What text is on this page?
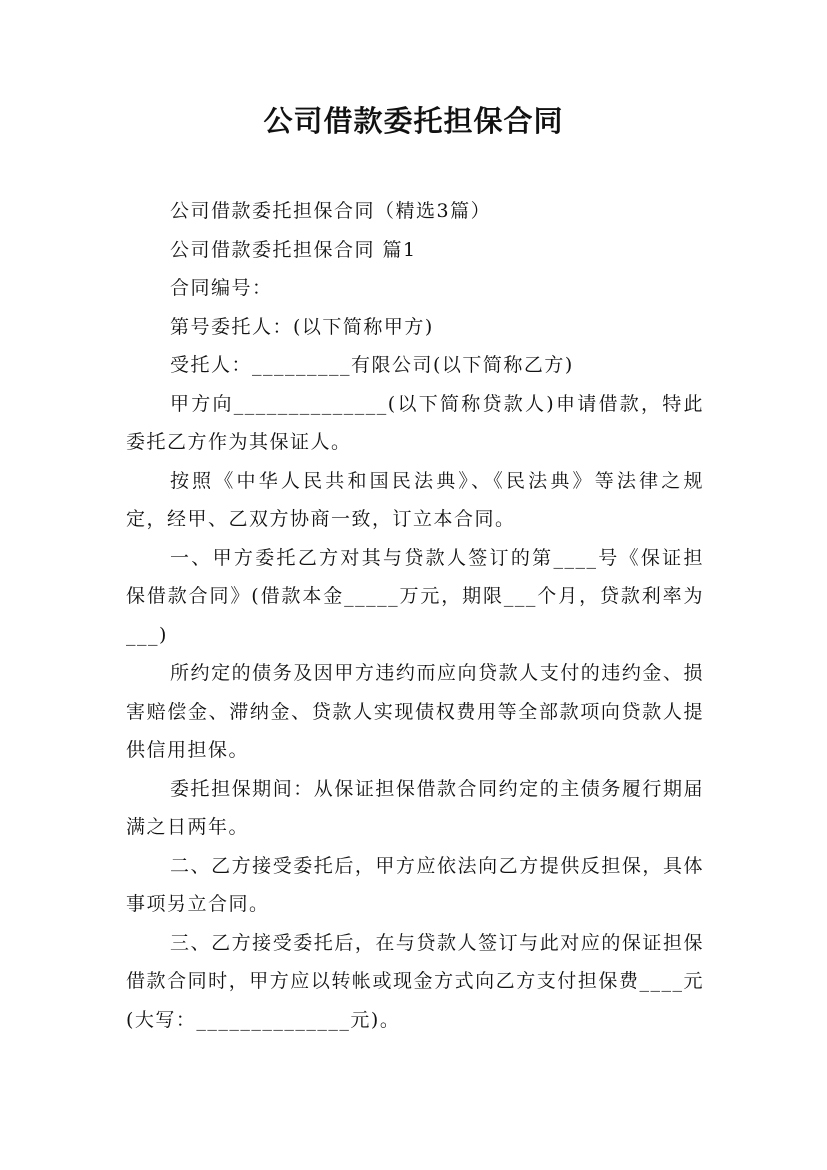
公司借款委托担保合同

公司借款委托担保合同（精选3篇）

公司借款委托担保合同 篇1

合同编号：

第号委托人：(以下简称甲方)

受托人：_________有限公司(以下简称乙方)

甲方向______________(以下简称贷款人)申请借款，特此委托乙方作为其保证人。

按照《中华人民共和国民法典》、《民法典》等法律之规定，经甲、乙双方协商一致，订立本合同。

一、甲方委托乙方对其与贷款人签订的第____号《保证担保借款合同》(借款本金_____万元，期限___个月，贷款利率为___)

所约定的债务及因甲方违约而应向贷款人支付的违约金、损害赔偿金、滞纳金、贷款人实现债权费用等全部款项向贷款人提供信用担保。

委托担保期间：从保证担保借款合同约定的主债务履行期届满之日两年。

二、乙方接受委托后，甲方应依法向乙方提供反担保，具体事项另立合同。

三、乙方接受委托后，在与贷款人签订与此对应的保证担保借款合同时，甲方应以转帐或现金方式向乙方支付担保费____元(大写：______________元)。
